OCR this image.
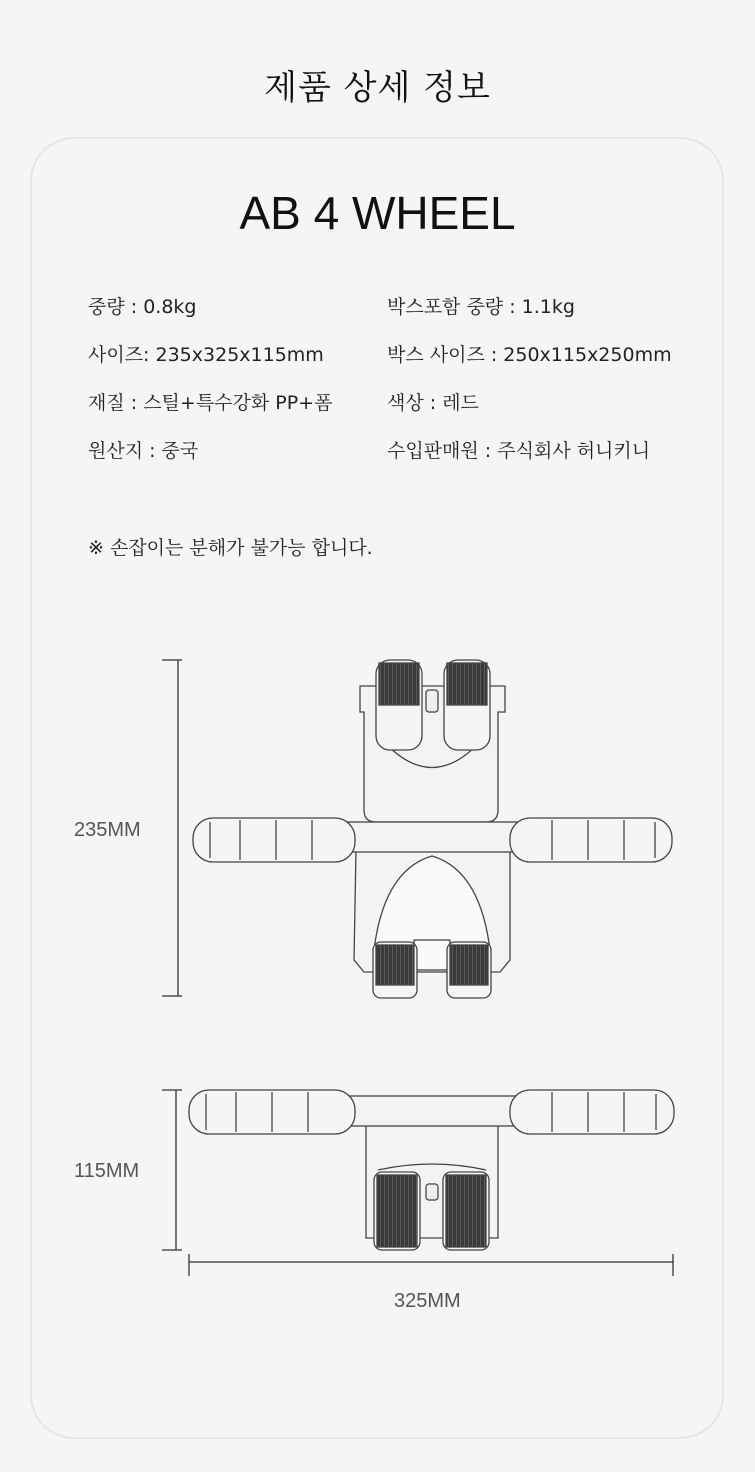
제품 상세 정보
AB 4 WHEEL
중량 : 0.8kg
사이즈: 235x325x115mm
재질 : 스틸+특수강화 PP+폼
원산지 : 중국
박스포함 중량 : 1.1kg
박스 사이즈 : 250x115x250mm
색상 : 레드
수입판매원 : 주식회사 허니키니
※ 손잡이는 분해가 불가능 합니다.
235MM
115MM
325MM
